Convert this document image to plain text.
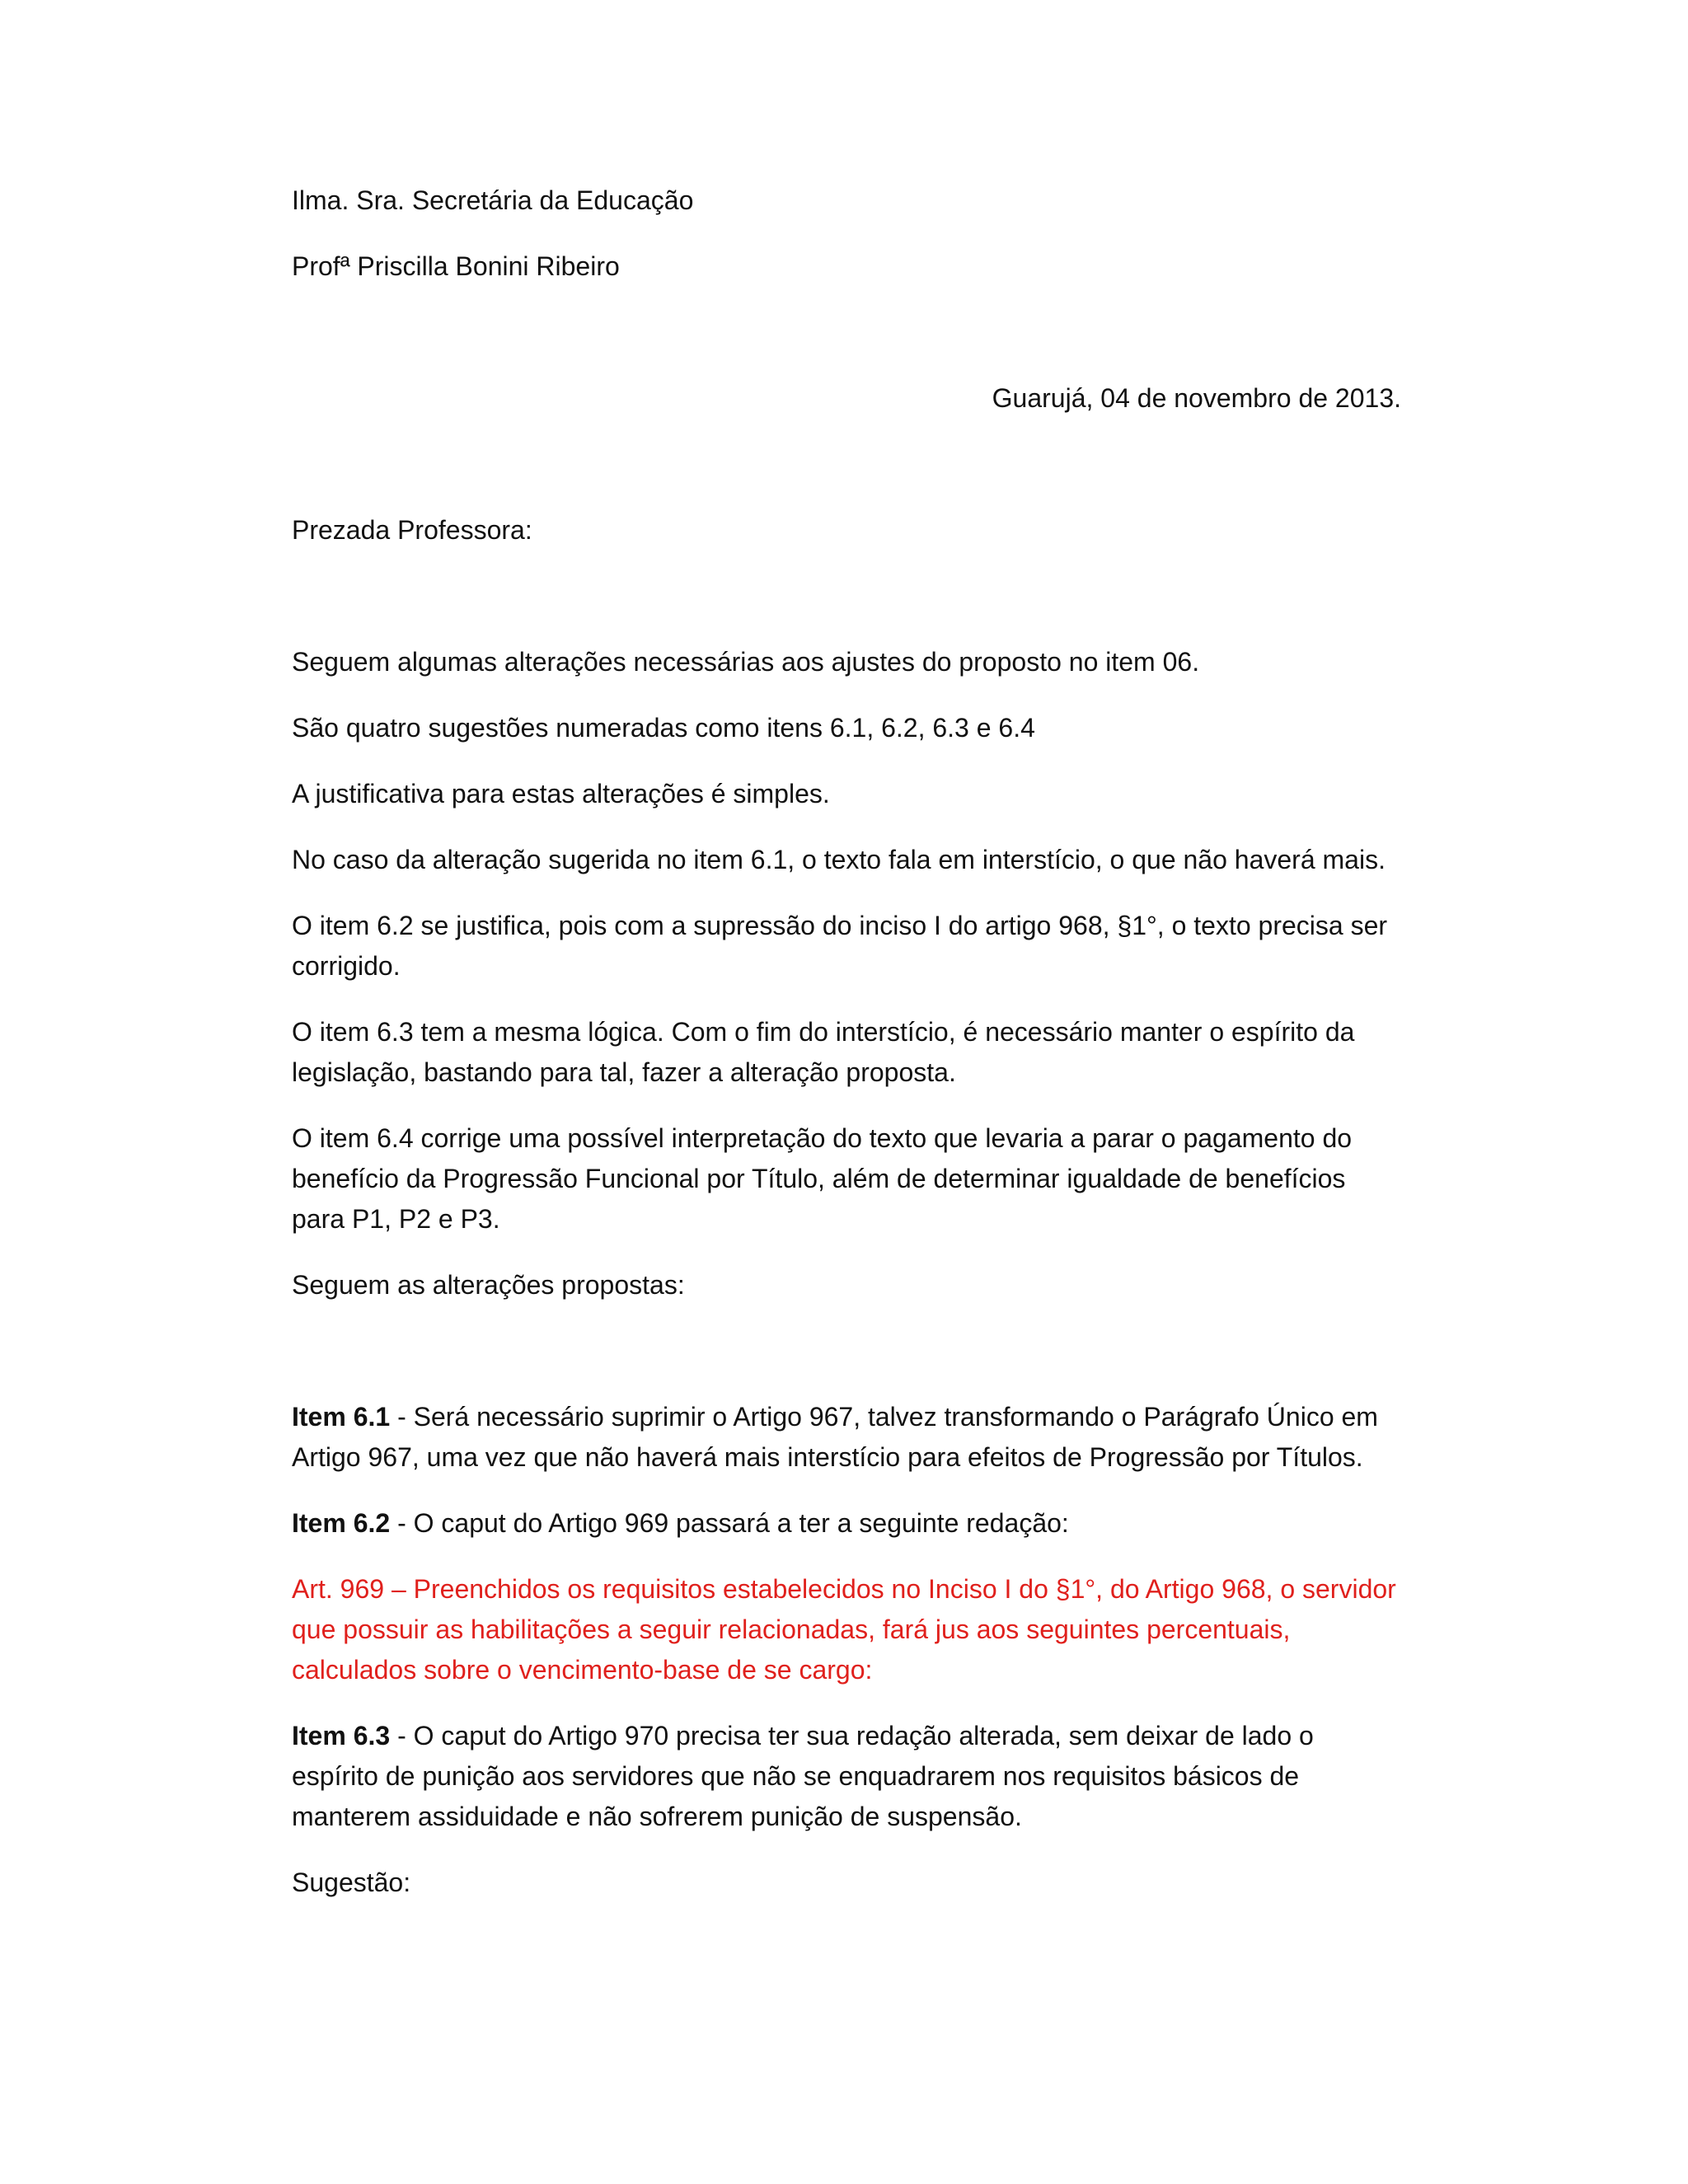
Ilma. Sra. Secretária da Educação

Profª Priscilla Bonini Ribeiro

Guarujá, 04 de novembro de 2013.

Prezada Professora:

Seguem algumas alterações necessárias aos ajustes do proposto no item 06.

São quatro sugestões numeradas como itens 6.1, 6.2, 6.3 e 6.4

A justificativa para estas alterações é simples.

No caso da alteração sugerida no item 6.1, o texto fala em interstício, o que não haverá mais.

O item 6.2 se justifica, pois com a supressão do inciso I do artigo 968, §1°, o texto precisa ser corrigido.

O item 6.3 tem a mesma lógica. Com o fim do interstício, é necessário manter o espírito da legislação, bastando para tal, fazer a alteração proposta.

O item 6.4 corrige uma possível interpretação do texto que levaria a parar o pagamento do benefício da Progressão Funcional por Título, além de determinar igualdade de benefícios para P1, P2 e P3.

Seguem as alterações propostas:

Item 6.1 - Será necessário suprimir o Artigo 967, talvez transformando o Parágrafo Único em Artigo 967, uma vez que não haverá mais interstício para efeitos de Progressão por Títulos.

Item 6.2 - O caput do Artigo 969 passará a ter a seguinte redação:

Art. 969 – Preenchidos os requisitos estabelecidos no Inciso I do §1°, do Artigo 968, o servidor que possuir as habilitações a seguir relacionadas, fará jus aos seguintes percentuais, calculados sobre o vencimento-base de se cargo:

Item 6.3 - O caput do Artigo 970 precisa ter sua redação alterada, sem deixar de lado o espírito de punição aos servidores que não se enquadrarem nos requisitos básicos de manterem assiduidade e não sofrerem punição de suspensão.

Sugestão:
